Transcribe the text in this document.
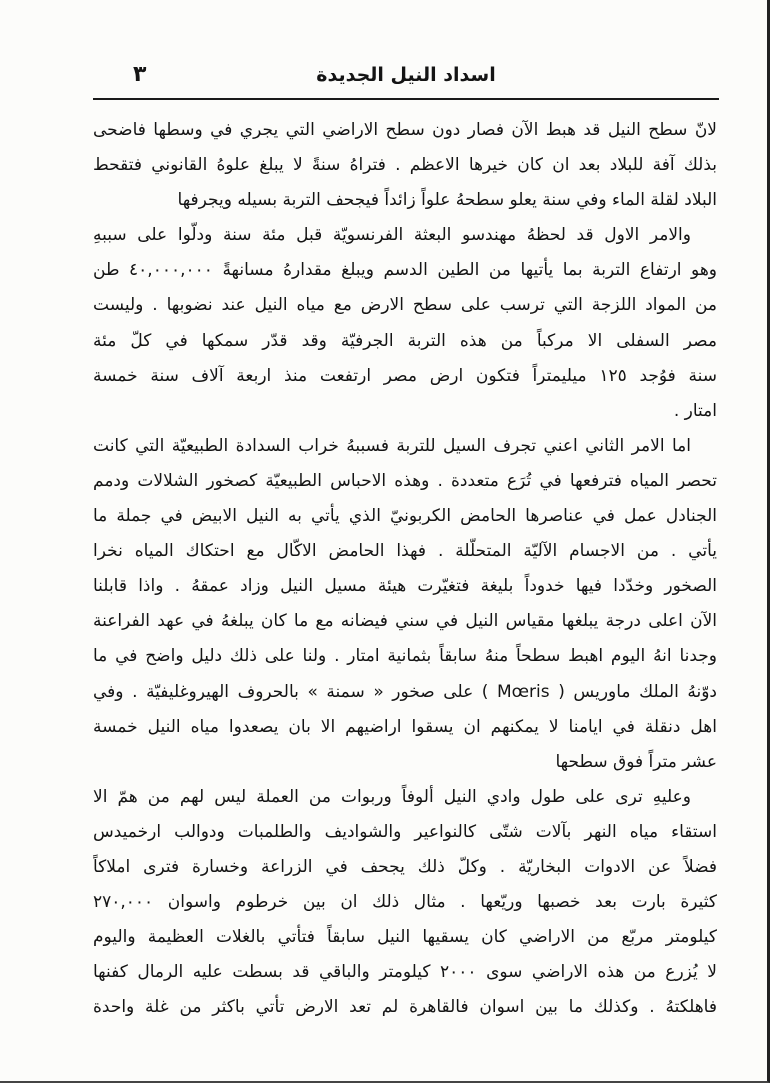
اسداد النيل الجديدة
٣
لانّ سطح النيل قد هبط الآن فصار دون سطح الاراضي التي يجري في وسطها فاضحى
بذلك آفة للبلاد بعد ان كان خيرها الاعظم . فتراهُ سنةً لا يبلغ علوهُ القانوني فتقحط
البلاد لقلة الماء وفي سنة يعلو سطحهُ علواً زائداً فيجحف التربة بسيله ويجرفها
والامر الاول قد لحظهُ مهندسو البعثة الفرنسويّة قبل مئة سنة ودلّوا على سببهِ
وهو ارتفاع التربة بما يأتيها من الطين الدسم ويبلغ مقدارهُ مسانهةً ٤٠,٠٠٠,٠٠٠ طن
من المواد اللزجة التي ترسب على سطح الارض مع مياه النيل عند نضوبها . وليست
مصر السفلى الا مركباً من هذه التربة الجرفيّة وقد قدّر سمكها في كلّ مئة
سنة فوُجد ١٢٥ ميليمتراً فتكون ارض مصر ارتفعت منذ اربعة آلاف سنة خمسة
امتار .
اما الامر الثاني اعني تجرف السيل للتربة فسببهُ خراب السدادة الطبيعيّة التي كانت
تحصر المياه فترفعها في تُرَع متعددة . وهذه الاحباس الطبيعيّة كصخور الشلالات ودمم
الجنادل عمل في عناصرها الحامض الكربونيّ الذي يأتي به النيل الابيض في جملة ما
يأتي . من الاجسام الآليّة المتحلّلة . فهذا الحامض الاكّال مع احتكاك المياه نخرا
الصخور وخدّدا فيها خدوداً بليغة فتغيّرت هيئة مسيل النيل وزاد عمقهُ . واذا قابلنا
الآن اعلى درجة يبلغها مقياس النيل في سني فيضانه مع ما كان يبلغهُ في عهد الفراعنة
وجدنا انهُ اليوم اهبط سطحاً منهُ سابقاً بثمانية امتار . ولنا على ذلك دليل واضح في ما
دوّنهُ الملك ماوريس ( Mœris ) على صخور « سمنة » بالحروف الهيروغليفيّة . وفي
اهل دنقلة في ايامنا لا يمكنهم ان يسقوا اراضيهم الا بان يصعدوا مياه النيل خمسة
عشر متراً فوق سطحها
وعليهِ ترى على طول وادي النيل ألوفاً وربوات من العملة ليس لهم من همّ الا
استقاء مياه النهر بآلات شتّى كالنواعير والشواديف والطلمبات ودوالب ارخميدس
فضلاً عن الادوات البخاريّة . وكلّ ذلك يجحف في الزراعة وخسارة فترى املاكاً
كثيرة بارت بعد خصبها وريّعها . مثال ذلك ان بين خرطوم واسوان ٢٧٠,٠٠٠
كيلومتر مربّع من الاراضي كان يسقيها النيل سابقاً فتأتي بالغلات العظيمة واليوم
لا يُزرع من هذه الاراضي سوى ٢٠٠٠ كيلومتر والباقي قد بسطت عليه الرمال كفنها
فاهلكتهُ . وكذلك ما بين اسوان فالقاهرة لم تعد الارض تأتي باكثر من غلة واحدة
